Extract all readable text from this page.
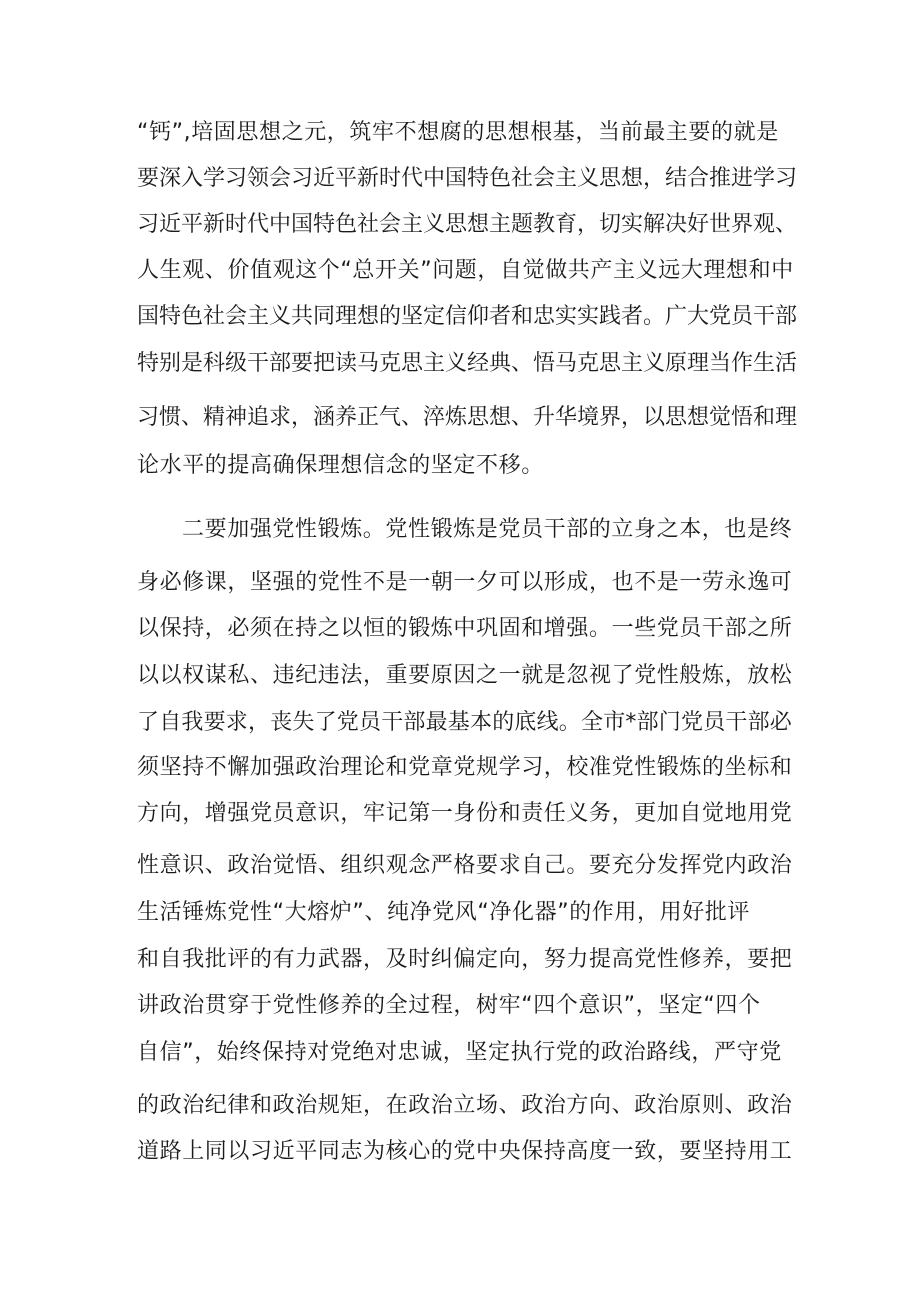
“钙”,培固思想之元，筑牢不想腐的思想根基，当前最主要的就是
要深入学习领会习近平新时代中国特色社会主义思想，结合推进学习
习近平新时代中国特色社会主义思想主题教育，切实解决好世界观、
人生观、价值观这个“总开关”问题，自觉做共产主义远大理想和中
国特色社会主义共同理想的坚定信仰者和忠实实践者。广大党员干部
特别是科级干部要把读马克思主义经典、悟马克思主义原理当作生活
习惯、精神追求，涵养正气、淬炼思想、升华境界，以思想觉悟和理
论水平的提高确保理想信念的坚定不移。
二要加强党性锻炼。党性锻炼是党员干部的立身之本，也是终
身必修课，坚强的党性不是一朝一夕可以形成，也不是一劳永逸可
以保持，必须在持之以恒的锻炼中巩固和增强。一些党员干部之所
以以权谋私、违纪违法，重要原因之一就是忽视了党性般炼，放松
了自我要求，丧失了党员干部最基本的底线。全市*部门党员干部必
须坚持不懈加强政治理论和党章党规学习，校准党性锻炼的坐标和
方向，增强党员意识，牢记第一身份和责任义务，更加自觉地用党
性意识、政治觉悟、组织观念严格要求自己。要充分发挥党内政治
生活锤炼党性“大熔炉”、纯净党风“净化器”的作用，用好批评
和自我批评的有力武器，及时纠偏定向，努力提高党性修养，要把
讲政治贯穿于党性修养的全过程，树牢“四个意识”，坚定“四个
自信”，始终保持对党绝对忠诚，坚定执行党的政治路线，严守党
的政治纪律和政治规矩，在政治立场、政治方向、政治原则、政治
道路上同以习近平同志为核心的党中央保持高度一致，要坚持用工
